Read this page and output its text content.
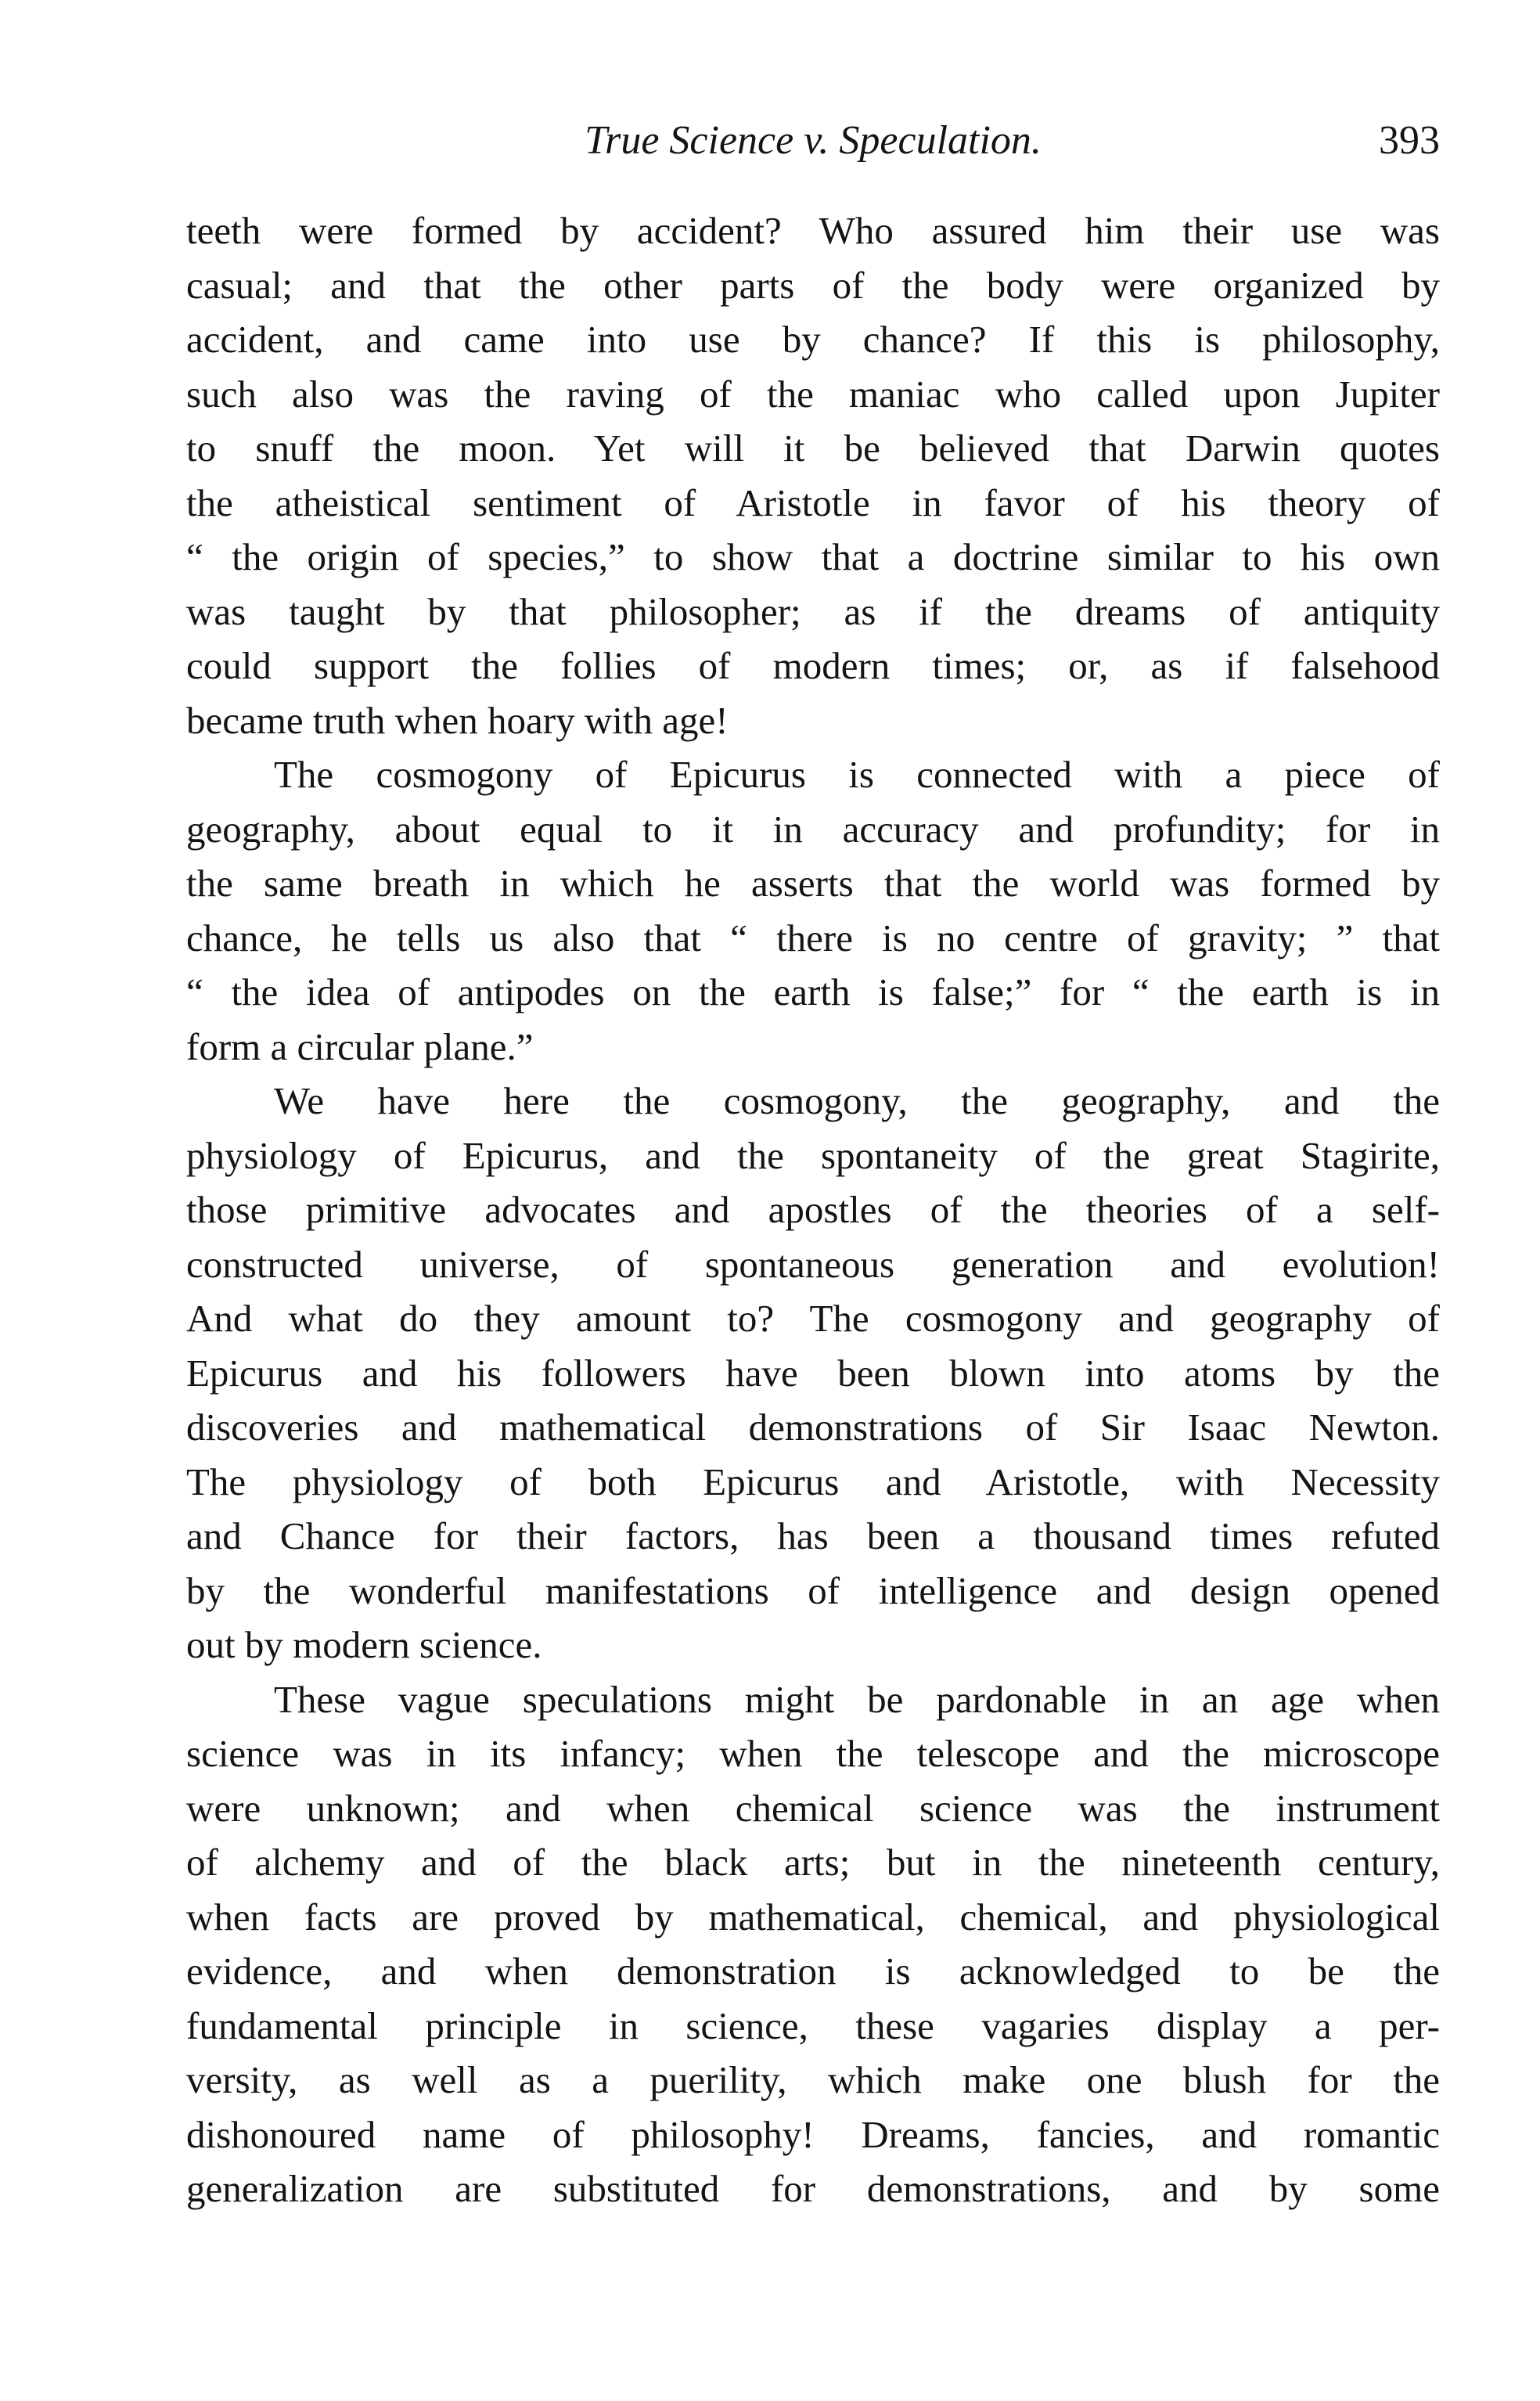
True Science v. Speculation.	393
teeth were formed by accident? Who assured him their use was
casual; and that the other parts of the body were organized by
accident, and came into use by chance? If this is philosophy,
such also was the raving of the maniac who called upon Jupiter
to snuff the moon. Yet will it be believed that Darwin quotes
the atheistical sentiment of Aristotle in favor of his theory of
“ the origin of species,” to show that a doctrine similar to his own
was taught by that philosopher; as if the dreams of antiquity
could support the follies of modern times; or, as if falsehood
became truth when hoary with age!
The cosmogony of Epicurus is connected with a piece of
geography, about equal to it in accuracy and profundity; for in
the same breath in which he asserts that the world was formed by
chance, he tells us also that “ there is no centre of gravity; ” that
“ the idea of antipodes on the earth is false;” for “ the earth is in
form a circular plane.”
We have here the cosmogony, the geography, and the
physiology of Epicurus, and the spontaneity of the great Stagirite,
those primitive advocates and apostles of the theories of a self-
constructed universe, of spontaneous generation and evolution!
And what do they amount to? The cosmogony and geography of
Epicurus and his followers have been blown into atoms by the
discoveries and mathematical demonstrations of Sir Isaac Newton.
The physiology of both Epicurus and Aristotle, with Necessity
and Chance for their factors, has been a thousand times refuted
by the wonderful manifestations of intelligence and design opened
out by modern science.
These vague speculations might be pardonable in an age when
science was in its infancy; when the telescope and the microscope
were unknown; and when chemical science was the instrument
of alchemy and of the black arts; but in the nineteenth century,
when facts are proved by mathematical, chemical, and physiological
evidence, and when demonstration is acknowledged to be the
fundamental principle in science, these vagaries display a per-
versity, as well as a puerility, which make one blush for the
dishonoured name of philosophy! Dreams, fancies, and romantic
generalization are substituted for demonstrations, and by some
